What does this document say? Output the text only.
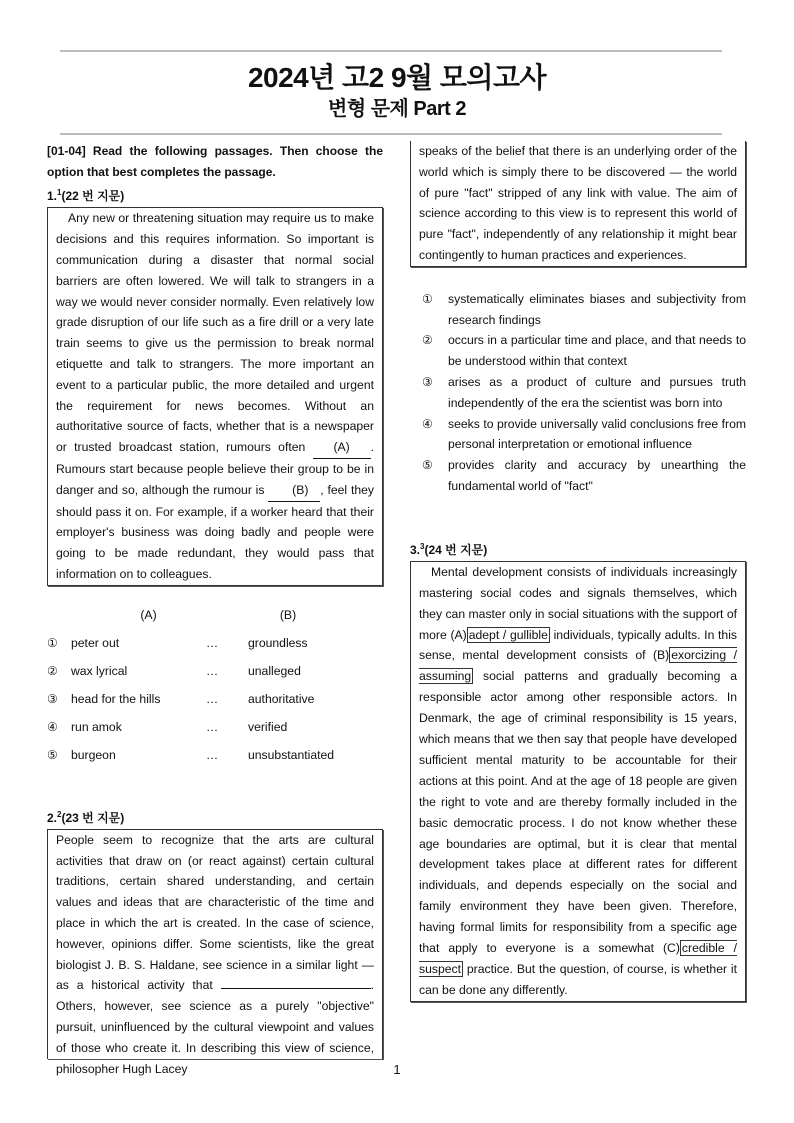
2024년 고2 9월 모의고사
변형 문제 Part 2
[01-04] Read the following passages. Then choose the option that best completes the passage.
1.$^1$(22 번 지문)
Any new or threatening situation may require us to make decisions and this requires information. So important is communication during a disaster that normal social barriers are often lowered. We will talk to strangers in a way we would never consider normally. Even relatively low grade disruption of our life such as a fire drill or a very late train seems to give us the permission to break normal etiquette and talk to strangers. The more important an event to a particular public, the more detailed and urgent the requirement for news becomes. Without an authoritative source of facts, whether that is a newspaper or trusted broadcast station, rumours often (A) . Rumours start because people believe their group to be in danger and so, although the rumour is (B) , feel they should pass it on. For example, if a worker heard that their employer's business was doing badly and people were going to be made redundant, they would pass that information on to colleagues.
	(A)		(B)
①	peter out	…	groundless
②	wax lyrical	…	unalleged
③	head for the hills	…	authoritative
④	run amok	…	verified
⑤	burgeon	…	unsubstantiated
2.$^2$(23 번 지문)
People seem to recognize that the arts are cultural activities that draw on (or react against) certain cultural traditions, certain shared understanding, and certain values and ideas that are characteristic of the time and place in which the art is created. In the case of science, however, opinions differ. Some scientists, like the great biologist J. B. S. Haldane, see science in a similar light — as a historical activity that	. Others, however, see science as a purely "objective" pursuit, uninfluenced by the cultural viewpoint and values of those who create it. In describing this view of science, philosopher Hugh Lacey
speaks of the belief that there is an underlying order of the world which is simply there to be discovered — the world of pure "fact" stripped of any link with value. The aim of science according to this view is to represent this world of pure "fact", independently of any relationship it might bear contingently to human practices and experiences.
①	systematically eliminates biases and subjectivity from research findings
②	occurs in a particular time and place, and that needs to be understood within that context
③	arises as a product of culture and pursues truth independently of the era the scientist was born into
④	seeks to provide universally valid conclusions free from personal interpretation or emotional influence
⑤	provides clarity and accuracy by unearthing the fundamental world of "fact"
3.$^3$(24 번 지문)
Mental development consists of individuals increasingly mastering social codes and signals themselves, which they can master only in social situations with the support of more (A) adept / gullible individuals, typically adults. In this sense, mental development consists of (B) exorcizing / assuming social patterns and gradually becoming a responsible actor among other responsible actors. In Denmark, the age of criminal responsibility is 15 years, which means that we then say that people have developed sufficient mental maturity to be accountable for their actions at this point. And at the age of 18 people are given the right to vote and are thereby formally included in the basic democratic process. I do not know whether these age boundaries are optimal, but it is clear that mental development takes place at different rates for different individuals, and depends especially on the social and family environment they have been given. Therefore, having formal limits for responsibility from a specific age that apply to everyone is a somewhat (C) credible / suspect practice. But the question, of course, is whether it can be done any differently.
1
